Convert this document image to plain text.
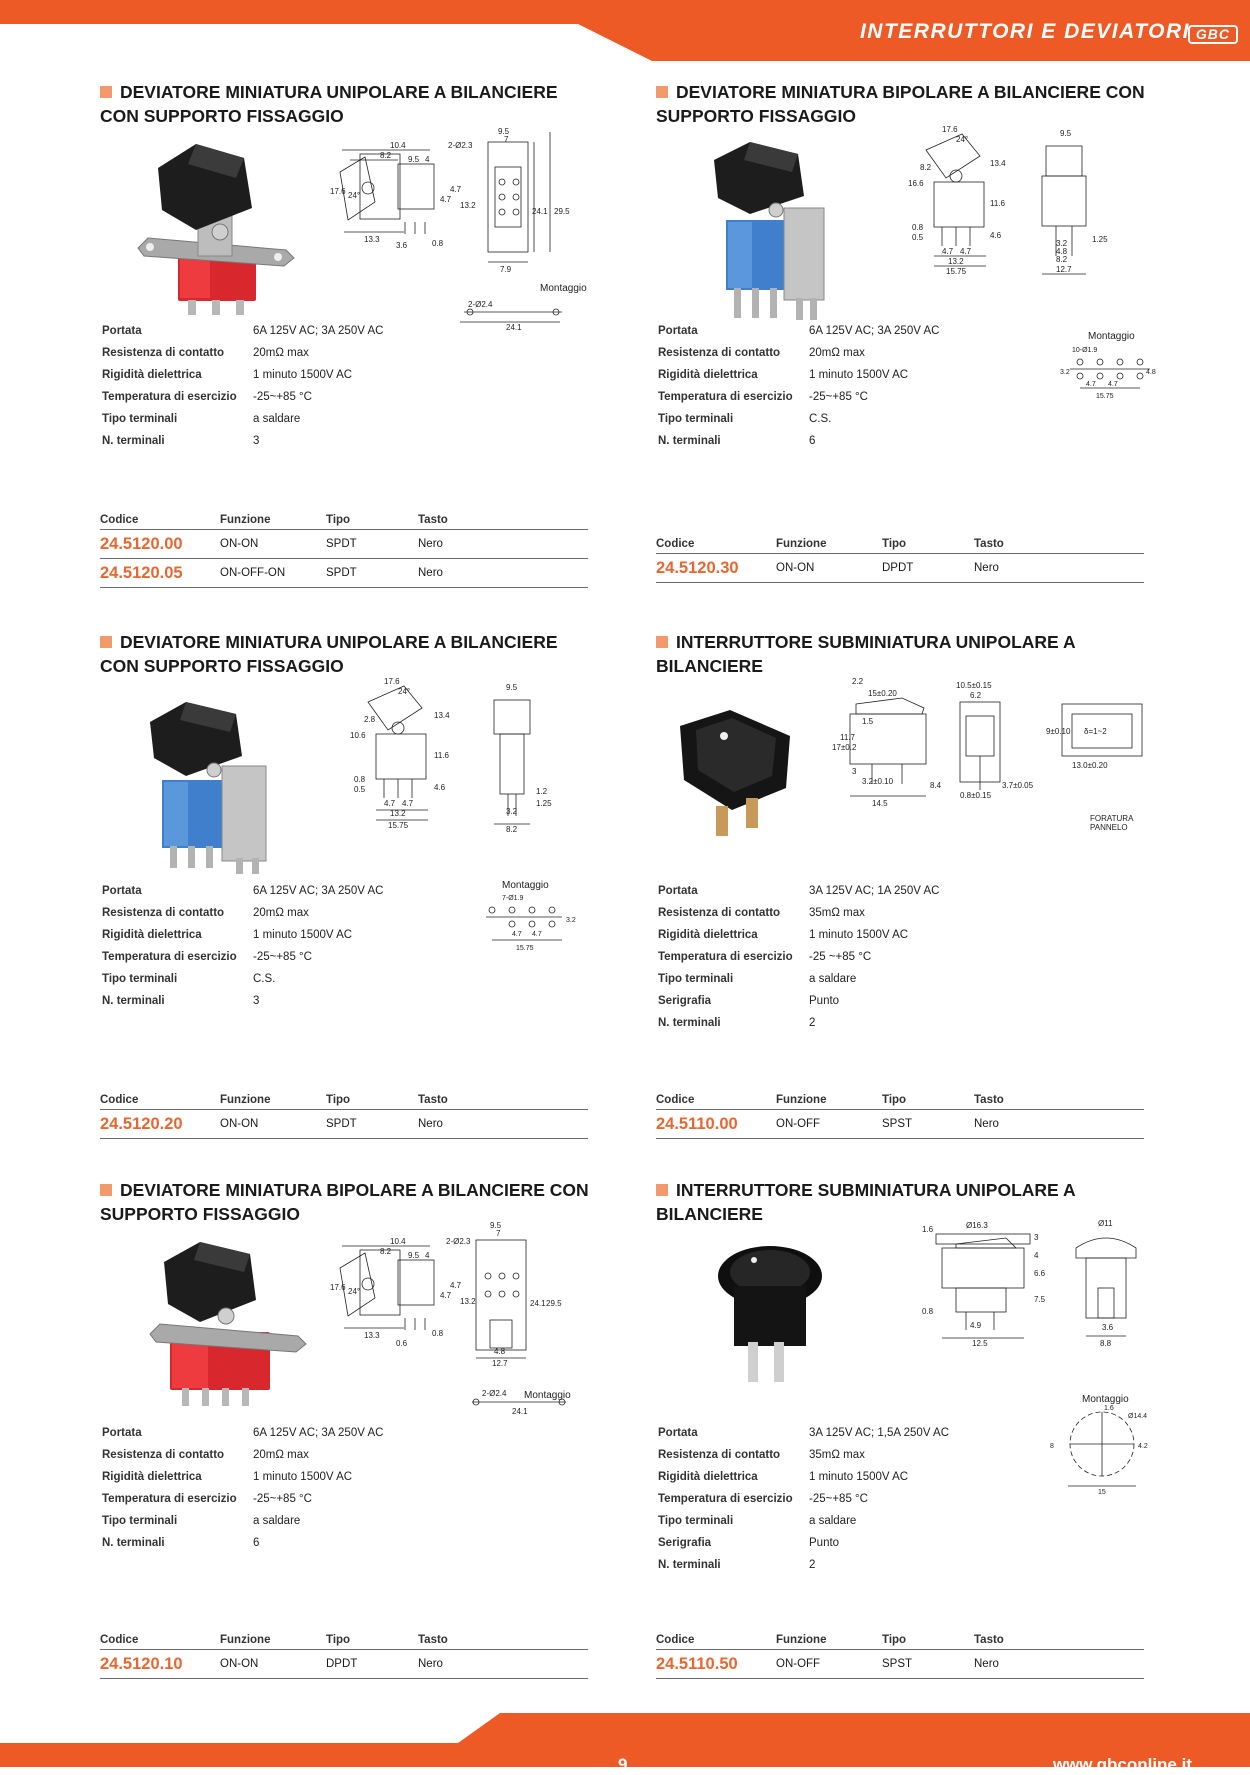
INTERRUTTORI E DEVIATORI GBC
DEVIATORE MINIATURA UNIPOLARE A BILANCIERE CON SUPPORTO FISSAGGIO
10.4
8.2 9.5 4
17.6 24°	4.7
4.7
13.2
13.3
3.6	0.8
9.5
7
2-Ø2.3
24.1 29.5
7.9
2-Ø2.4
24.1
Montaggio
Portata	6A 125V AC; 3A 250V AC
Resistenza di contatto	20mΩ max
Rigidità dielettrica	1 minuto 1500V AC
Temperatura di esercizio	-25~+85 °C
Tipo terminali	a saldare
N. terminali	3
Codice	Funzione	Tipo	Tasto
24.5120.00	ON-ON	SPDT	Nero
24.5120.05	ON-OFF-ON	SPDT	Nero
DEVIATORE MINIATURA BIPOLARE A BILANCIERE CON SUPPORTO FISSAGGIO
17.6
24°
16.6
8.2	13.4
11.6
4.6
0.8
0.5
4.7 4.7
13.2
15.75
9.5
3.2
4.8
8.2
12.7
1.25
Montaggio
10-Ø1.9
3.2	4.8
4.7 4.7
15.75
Portata	6A 125V AC; 3A 250V AC
Resistenza di contatto	20mΩ max
Rigidità dielettrica	1 minuto 1500V AC
Temperatura di esercizio	-25~+85 °C
Tipo terminali	C.S.
N. terminali	6
Codice	Funzione	Tipo	Tasto
24.5120.30	ON-ON	DPDT	Nero
DEVIATORE MINIATURA UNIPOLARE A BILANCIERE CON SUPPORTO FISSAGGIO
17.6
24°
10.6
2.8	13.4
11.6
4.6
0.8
0.5
4.7 4.7
13.2
15.75
9.5
1.2
1.25
3.2
8.2
Montaggio
7-Ø1.9
4.7 4.7
3.2
15.75
Portata	6A 125V AC; 3A 250V AC
Resistenza di contatto	20mΩ max
Rigidità dielettrica	1 minuto 1500V AC
Temperatura di esercizio	-25~+85 °C
Tipo terminali	C.S.
N. terminali	3
Codice	Funzione	Tipo	Tasto
24.5120.20	ON-ON	SPDT	Nero
INTERRUTTORE SUBMINIATURA UNIPOLARE A BILANCIERE
2.2
15±0.20
17±0.2
11.7
1.5
3
3.2±0.10
14.5
10.5±0.15
6.2
8.4	3.7±0.05
0.8±0.15
9±0.10 δ=1~2
13.0±0.20
FORATURA PANNELO
Portata	3A 125V AC; 1A 250V AC
Resistenza di contatto	35mΩ max
Rigidità dielettrica	1 minuto 1500V AC
Temperatura di esercizio	-25 ~+85 °C
Tipo terminali	a saldare
Serigrafia	Punto
N. terminali	2
Codice	Funzione	Tipo	Tasto
24.5110.00	ON-OFF	SPST	Nero
DEVIATORE MINIATURA BIPOLARE A BILANCIERE CON SUPPORTO FISSAGGIO
10.4
8.2 9.5 4
17.6 24°	4.7
4.7
13.2
13.3
0.6
0.8
9.5
7
2-Ø2.3
24.1 29.5
4.8
12.7
2-Ø2.4
24.1
Montaggio
Portata	6A 125V AC; 3A 250V AC
Resistenza di contatto	20mΩ max
Rigidità dielettrica	1 minuto 1500V AC
Temperatura di esercizio	-25~+85 °C
Tipo terminali	a saldare
N. terminali	6
Codice	Funzione	Tipo	Tasto
24.5120.10	ON-ON	DPDT	Nero
INTERRUTTORE SUBMINIATURA UNIPOLARE A BILANCIERE
1.6	Ø16.3
3
4
6.6
7.5
0.8
4.9
12.5
Ø11
3.6
8.8
Montaggio
1.6
Ø14.4
8	4.2
15
Portata	3A 125V AC; 1,5A 250V AC
Resistenza di contatto	35mΩ max
Rigidità dielettrica	1 minuto 1500V AC
Temperatura di esercizio	-25~+85 °C
Tipo terminali	a saldare
Serigrafia	Punto
N. terminali	2
Codice	Funzione	Tipo	Tasto
24.5110.50	ON-OFF	SPST	Nero
9	www.gbconline.it
